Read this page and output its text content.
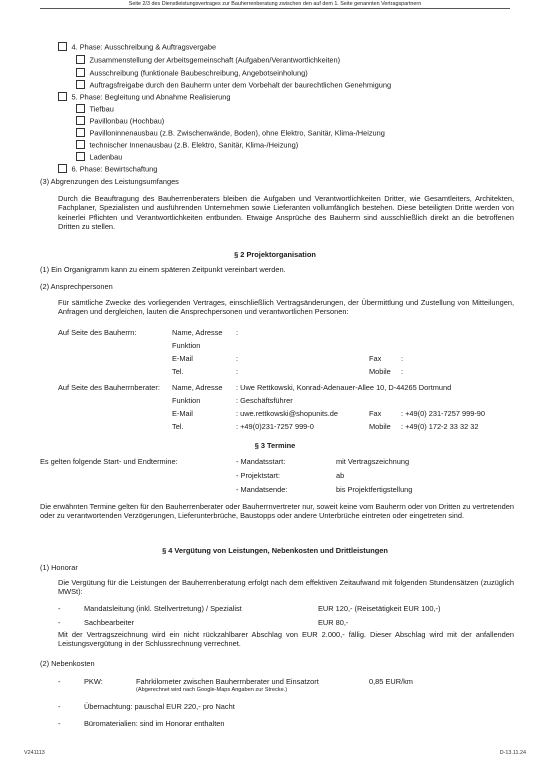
Seite 2/3 des Dienstleistungsvertrages zur Bauherrenberatung zwischen den auf dem 1. Seite genannten Vertragspartnern
4. Phase: Ausschreibung & Auftragsvergabe
Zusammenstellung der Arbeitsgemeinschaft (Aufgaben/Verantwortlichkeiten)
Ausschreibung (funktionale Baubeschreibung, Angebotseinholung)
Auftragsfreigabe durch den Bauherrn unter dem Vorbehalt der baurechtlichen Genehmigung
5. Phase: Begleitung und Abnahme Realisierung
Tiefbau
Pavillonbau (Hochbau)
Pavilloninnenausbau (z.B. Zwischenwände, Boden), ohne Elektro, Sanitär, Klima-/Heizung
technischer Innenausbau (z.B. Elektro, Sanitär, Klima-/Heizung)
Ladenbau
6. Phase: Bewirtschaftung
(3) Abgrenzungen des Leistungsumfanges
Durch die Beauftragung des Bauherrenberaters bleiben die Aufgaben und Verantwortlichkeiten Dritter, wie Gesamtleiters, Architekten, Fachplaner, Spezialisten und ausführenden Unternehmen sowie Lieferanten vollumfänglich bestehen. Diese beteiligten Dritte werden von keinerlei Pflichten und Verantwortlichkeiten entbunden. Etwaige Ansprüche des Bauherrn sind ausschließlich direkt an die betroffenen Dritten zu stellen.
§ 2 Projektorganisation
(1) Ein Organigramm kann zu einem späteren Zeitpunkt vereinbart werden.
(2) Ansprechpersonen
Für sämtliche Zwecke des vorliegenden Vertrages, einschließlich Vertragsänderungen, der Übermittlung und Zustellung von Mitteilungen, Anfragen und dergleichen, lauten die Ansprechpersonen und verantwortlichen Personen:
Auf Seite des Bauherrn:	Name, Adresse :
Funktion
E-Mail	:	Fax	:
Tel.	:	Mobile :
Auf Seite des Bauherrnberater: Name, Adresse : Uwe Rettkowski, Konrad-Adenauer-Allee 10, D-44265 Dortmund
Funktion	: Geschäftsführer
E-Mail	: uwe.rettkowski@shopunits.de	Fax	: +49(0) 231-7257 999-90
Tel.	: +49(0)231-7257 999-0	Mobile : +49(0) 172-2 33 32 32
§ 3 Termine
Es gelten folgende Start- und Endtermine:	- Mandatsstart:	mit Vertragszeichnung
- Projektstart:	ab
- Mandatsende:	bis Projektfertigstellung
Die erwähnten Termine gelten für den Bauherrenberater oder Bauherrnvertreter nur, soweit keine vom Bauherrn oder von Dritten zu vertretenden oder zu verantwortenden Verzögerungen, Lieferunterbrüche, Baustopps oder andere Unterbrüche eintreten oder eingetreten sind.
§ 4 Vergütung von Leistungen, Nebenkosten und Drittleistungen
(1) Honorar
Die Vergütung für die Leistungen der Bauherrenberatung erfolgt nach dem effektiven Zeitaufwand mit folgenden Stundensätzen (zuzüglich MWSt):
-	Mandatsleitung (inkl. Stellvertretung) / Spezialist	EUR 120,- (Reisetätigkeit EUR 100,-)
-	Sachbearbeiter	EUR 80,-
Mit der Vertragszeichnung wird ein nicht rückzahlbarer Abschlag von EUR 2.000,- fällig. Dieser Abschlag wird mit der anfallenden Leistungsvergütung in der Schlussrechnung verrechnet.
(2) Nebenkosten
-	PKW:	Fahrkilometer zwischen Bauherrnberater und Einsatzort	0,85 EUR/km
(Abgerechnet wird nach Google-Maps Angaben zur Strecke.)
-	Übernachtung: pauschal EUR 220,- pro Nacht
-	Büromaterialien: sind im Honorar enthalten
V241113	D-13.11.24
